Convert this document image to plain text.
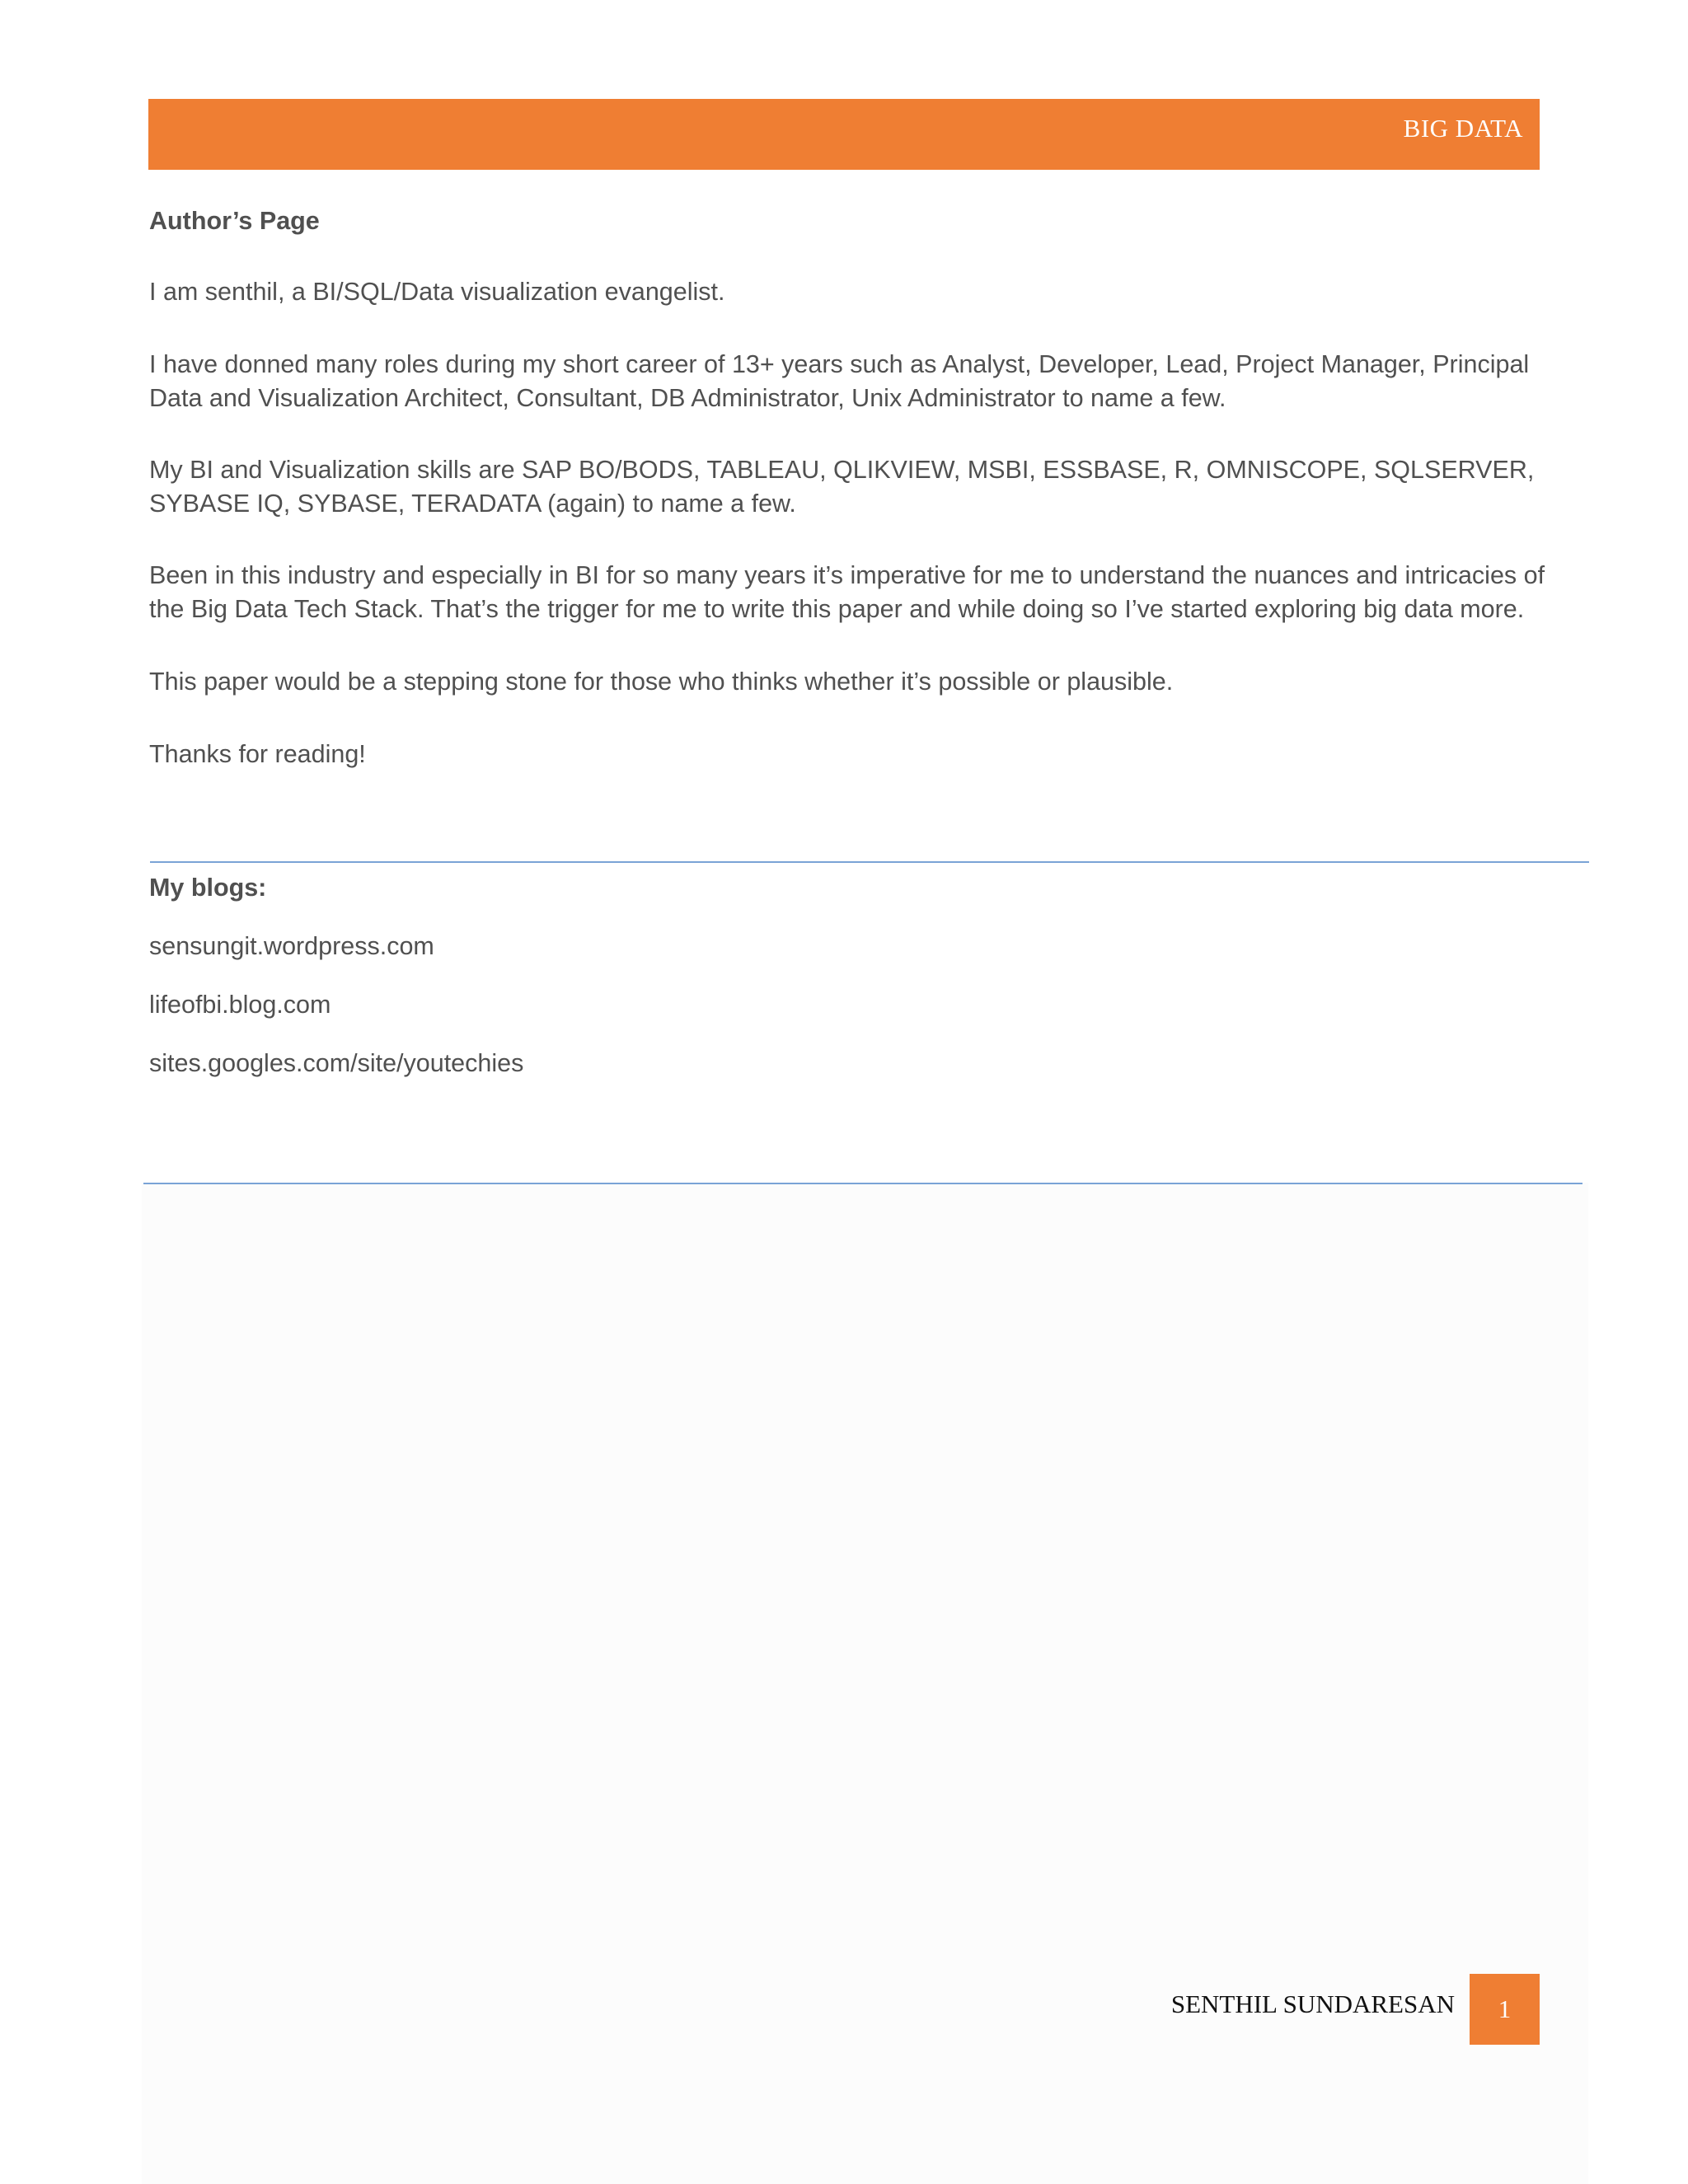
BIG DATA

Author’s Page

I am senthil, a BI/SQL/Data visualization evangelist.

I have donned many roles during my short career of 13+ years such as Analyst, Developer, Lead, Project Manager, Principal Data and Visualization Architect, Consultant, DB Administrator, Unix Administrator to name a few.

My BI and Visualization skills are SAP BO/BODS, TABLEAU, QLIKVIEW, MSBI, ESSBASE, R, OMNISCOPE, SQLSERVER, SYBASE IQ, SYBASE, TERADATA (again) to name a few.

Been in this industry and especially in BI for so many years it’s imperative for me to understand the nuances and intricacies of the Big Data Tech Stack. That’s the trigger for me to write this paper and while doing so I’ve started exploring big data more.

This paper would be a stepping stone for those who thinks whether it’s possible or plausible.

Thanks for reading!

My blogs:

sensungit.wordpress.com

lifeofbi.blog.com

sites.googles.com/site/youtechies

SENTHIL SUNDARESAN	1
